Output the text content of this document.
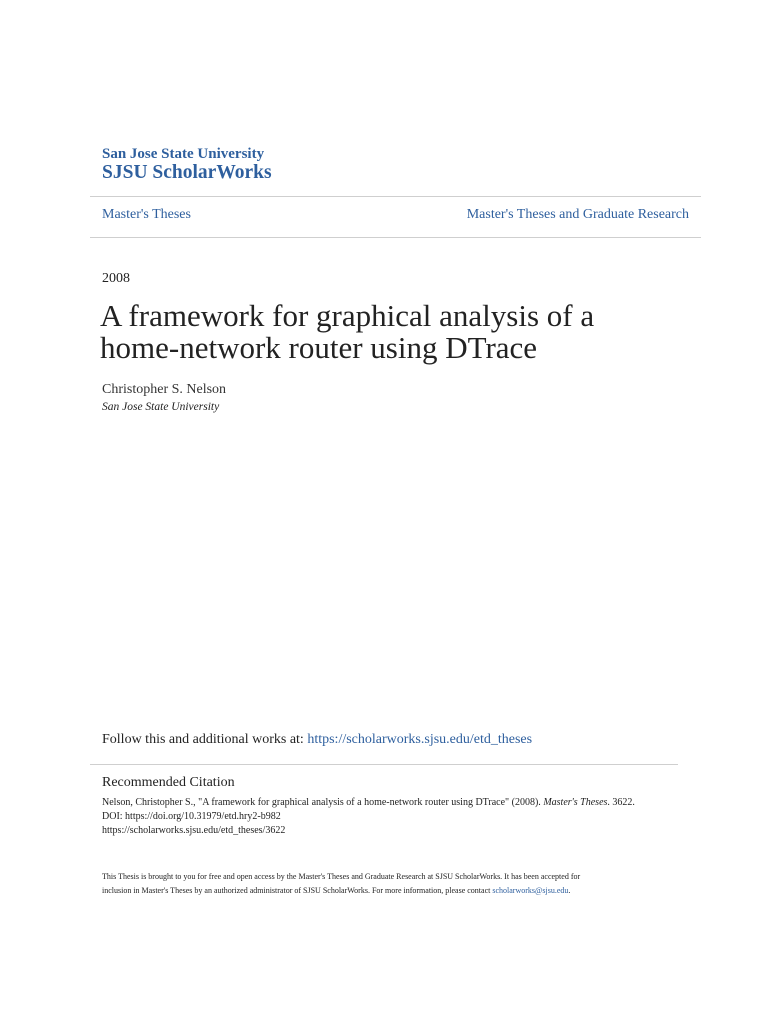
San Jose State University
SJSU ScholarWorks
Master's Theses	Master's Theses and Graduate Research
2008
A framework for graphical analysis of a home-network router using DTrace
Christopher S. Nelson
San Jose State University
Follow this and additional works at: https://scholarworks.sjsu.edu/etd_theses
Recommended Citation
Nelson, Christopher S., "A framework for graphical analysis of a home-network router using DTrace" (2008). Master's Theses. 3622.
DOI: https://doi.org/10.31979/etd.hry2-b982
https://scholarworks.sjsu.edu/etd_theses/3622
This Thesis is brought to you for free and open access by the Master's Theses and Graduate Research at SJSU ScholarWorks. It has been accepted for
inclusion in Master's Theses by an authorized administrator of SJSU ScholarWorks. For more information, please contact scholarworks@sjsu.edu.
